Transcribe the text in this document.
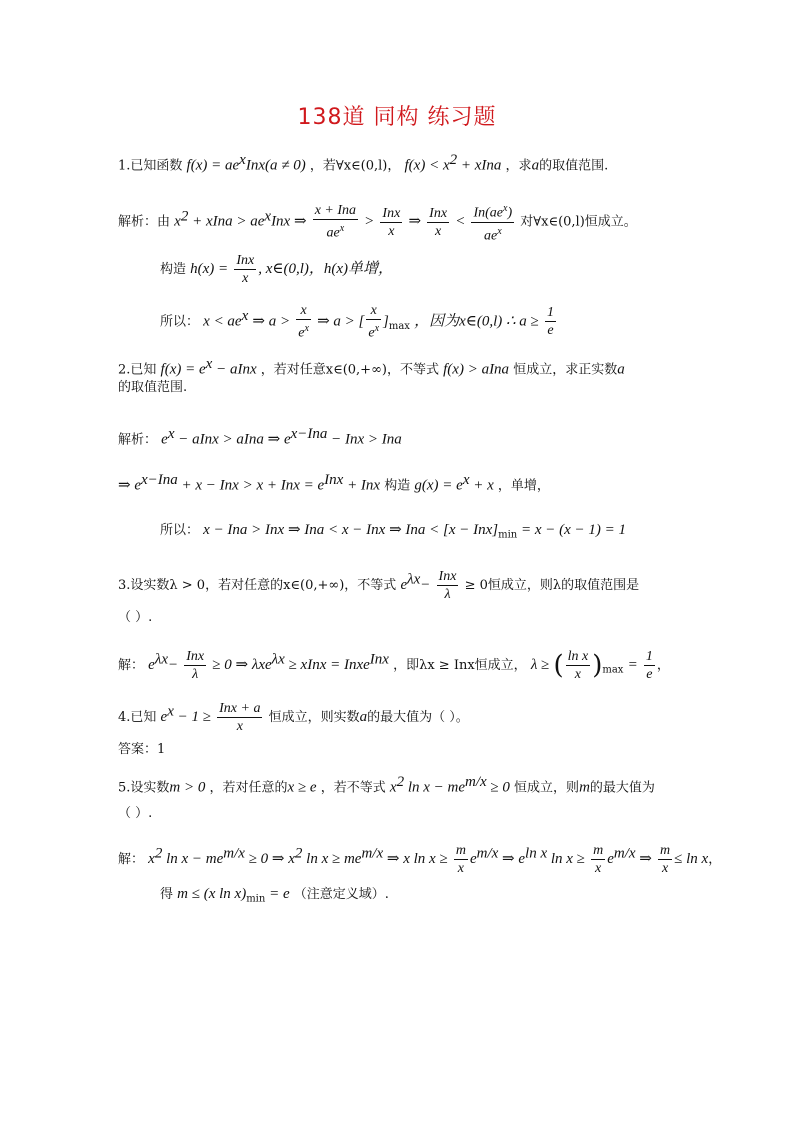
138道 同构 练习题
1.已知函数 $f(x) = ae^xInx(a \ne 0)$ ，若∀x∈(0,l)， $f(x) < x^2$ + xIna ，求a的取值范围.
解析：由 $x^2$ + xIna > $ae^xInx$ ⇒ $\frac{\text{x + Ina}}{ae^x} > \frac{\text{Inx}}{x}$ ⇒ $\frac{\text{Inx}}{x} < \frac{In(ae^x)}{ae^x}$ 对∀x∈(0,l)恒成立。
构造 $h(x) = \frac{\text{Inx}}{x}$ , x∈(0,l)，h(x)单增，
所以： $x < ae^x$ ⇒ $a > \frac{x}{e^x}$ ⇒ a > [ $\frac{x}{e^x} ]_{max}$ ，因为x∈(0,l) ∴ $a \ge \frac{1}{e}$
2.已知 $f(x) = e^x$ − aInx ，若对任意x∈(0,+∞)，不等式 f(x) > aIna 恒成立，求正实数a
的取值范围.
解析： $e^x$ − aInx > aIna ⇒ $e^{x-Ina}$ − Inx > Ina
⇒ $e^{x-Ina} + x$ − Inx > x + Inx = $e^{Inx}$ + Inx 构造 $g(x) = e^x + x$ ，单增，
所以： x − Ina > Inx ⇒ Ina < x − Inx ⇒ Ina < $[x - Inx]_{min} = x - (x - 1) = 1$
3.设实数λ > 0，若对任意的x∈(0,+∞)，不等式 $e^{\lambda x}- \frac{\text{Inx}}{\lambda} \ge 0$恒成立，则λ的取值范围是
（ ）.
解： $e^{\lambda x}- \frac{\text{Inx}}{\lambda} \ge 0$ ⇒ λxe$^{\lambda x}$ ≥ xInx = Inxe$^{Inx}$ ，即λx ≥ Inx恒成立， λ ≥ ( $\frac{\text{ln x}}{x} )_{max} = \frac{1}{e}$ ，
4.已知 $e^x - 1 \ge \frac{\text{Inx + a}}{x}$ 恒成立，则实数a的最大值为（ ）。
答案：1
5.设实数m > 0 ，若对任意的x ≥ e ，若不等式 $x^2$ $\ln x - me^{m/x} \ge 0$ 恒成立，则m的最大值为
（ ）.
解： $x^2$ $\ln x - me^{m/x} \ge 0$ ⇒ $x^2$ $\ln x \ge me^{m/x}$ ⇒ x $\ln x \ge \frac{m}{x} e^{m/x}$ ⇒ $e^{ln x}$ $\ln x \ge \frac{m}{x} e^{m/x}$ ⇒ $\frac{m}{x} \le \ln x$，
得 m ≤ (x $\ln x)_{min} = e$ （注意定义域）.
